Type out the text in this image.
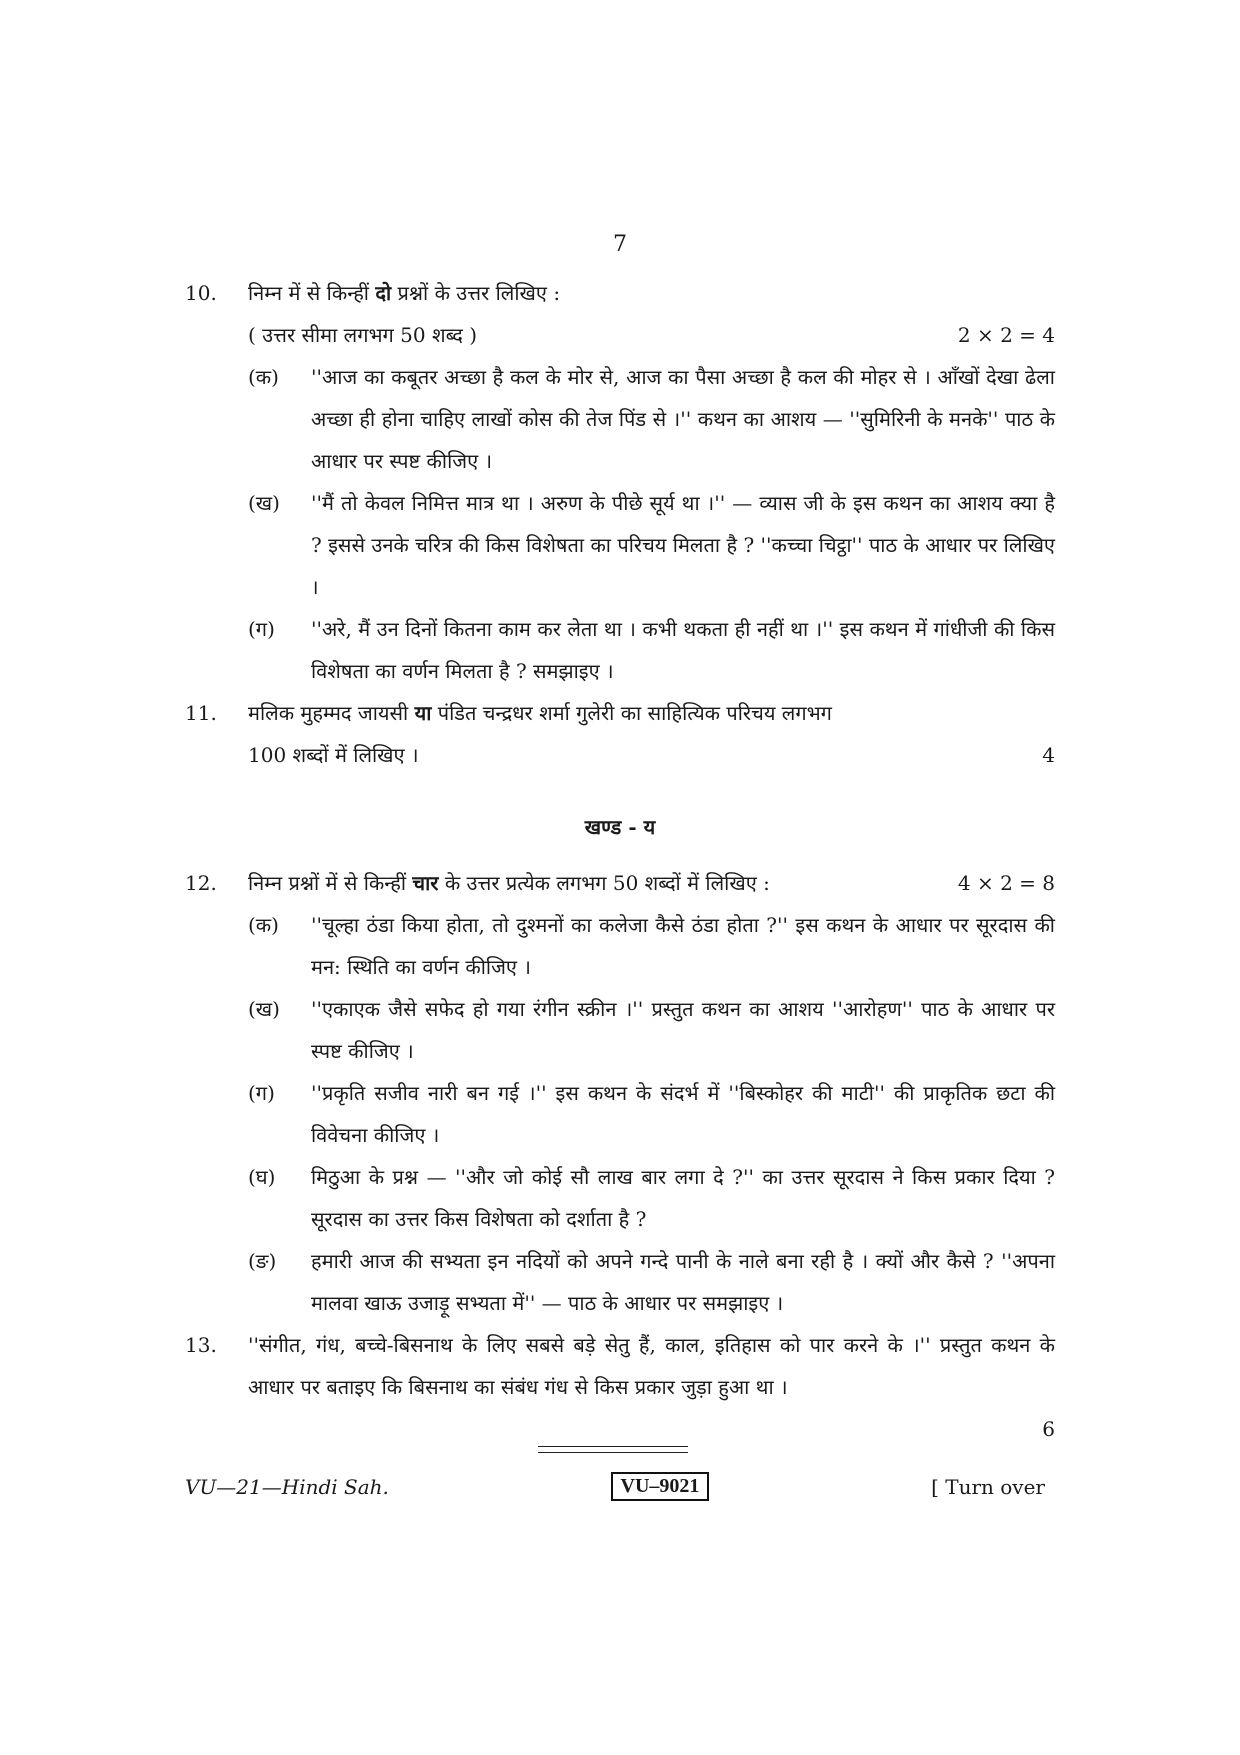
7
10.	निम्न में से किन्हीं दो प्रश्नों के उत्तर लिखिए :
( उत्तर सीमा लगभग 50 शब्द )	2 × 2 = 4
(क)	''आज का कबूतर अच्छा है कल के मोर से, आज का पैसा अच्छा है कल की मोहर से । आँखों देखा ढेला अच्छा ही होना चाहिए लाखों कोस की तेज पिंड से ।'' कथन का आशय — ''सुमिरिनी के मनके'' पाठ के आधार पर स्पष्ट कीजिए ।
(ख)	''मैं तो केवल निमित्त मात्र था । अरुण के पीछे सूर्य था ।'' — व्यास जी के इस कथन का आशय क्या है ? इससे उनके चरित्र की किस विशेषता का परिचय मिलता है ? ''कच्चा चिट्ठा'' पाठ के आधार पर लिखिए ।
(ग)	''अरे, मैं उन दिनों कितना काम कर लेता था । कभी थकता ही नहीं था ।'' इस कथन में गांधीजी की किस विशेषता का वर्णन मिलता है ? समझाइए ।
11.	मलिक मुहम्मद जायसी या पंडित चन्द्रधर शर्मा गुलेरी का साहित्यिक परिचय लगभग
100 शब्दों में लिखिए ।	4
खण्ड - य
12.	निम्न प्रश्नों में से किन्हीं चार के उत्तर प्रत्येक लगभग 50 शब्दों में लिखिए :	4 × 2 = 8
(क)	''चूल्हा ठंडा किया होता, तो दुश्मनों का कलेजा कैसे ठंडा होता ?'' इस कथन के आधार पर सूरदास की मन: स्थिति का वर्णन कीजिए ।
(ख)	''एकाएक जैसे सफेद हो गया रंगीन स्क्रीन ।'' प्रस्तुत कथन का आशय ''आरोहण'' पाठ के आधार पर स्पष्ट कीजिए ।
(ग)	''प्रकृति सजीव नारी बन गई ।'' इस कथन के संदर्भ में ''बिस्कोहर की माटी'' की प्राकृतिक छटा की विवेचना कीजिए ।
(घ)	मिठुआ के प्रश्न — ''और जो कोई सौ लाख बार लगा दे ?'' का उत्तर सूरदास ने किस प्रकार दिया ? सूरदास का उत्तर किस विशेषता को दर्शाता है ?
(ङ)	हमारी आज की सभ्यता इन नदियों को अपने गन्दे पानी के नाले बना रही है । क्यों और कैसे ? ''अपना मालवा खाऊ उजाड़ू सभ्यता में'' — पाठ के आधार पर समझाइए ।
13.	''संगीत, गंध, बच्चे-बिसनाथ के लिए सबसे बड़े सेतु हैं, काल, इतिहास को पार करने के ।'' प्रस्तुत कथन के आधार पर बताइए कि बिसनाथ का संबंध गंध से किस प्रकार जुड़ा हुआ था ।
6
VU—21—Hindi Sah.	VU–9021	[ Turn over
